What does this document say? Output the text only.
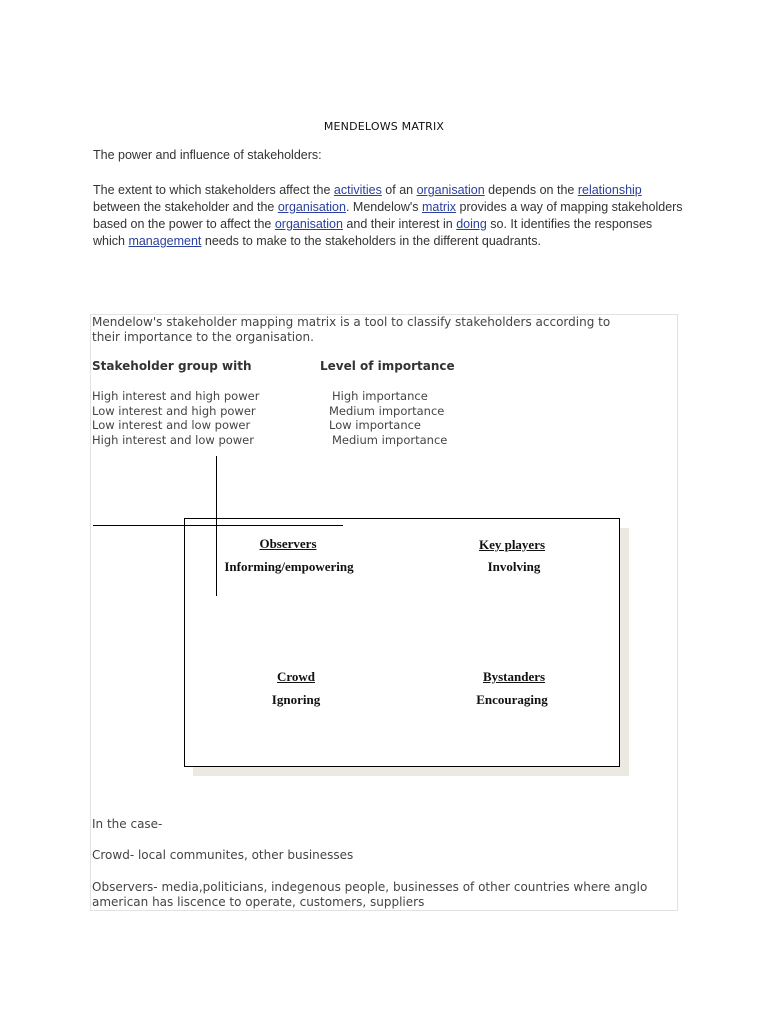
MENDELOWS MATRIX
The power and influence of stakeholders:
The extent to which stakeholders affect the activities of an organisation depends on the relationship between the stakeholder and the organisation. Mendelow's matrix provides a way of mapping stakeholders based on the power to affect the organisation and their interest in doing so. It identifies the responses which management needs to make to the stakeholders in the different quadrants.
Mendelow's stakeholder mapping matrix is a tool to classify stakeholders according to their importance to the organisation.
Stakeholder group with	Level of importance
High interest and high power	High importance
Low interest and high power	Medium importance
Low interest and low power	Low importance
High interest and low power	Medium importance
Observers
Informing/empowering
Key players
Involving
Crowd
Ignoring
Bystanders
Encouraging
In the case-
Crowd- local communites, other businesses
Observers- media,politicians, indegenous people, businesses of other countries where anglo american has liscence to operate, customers, suppliers
